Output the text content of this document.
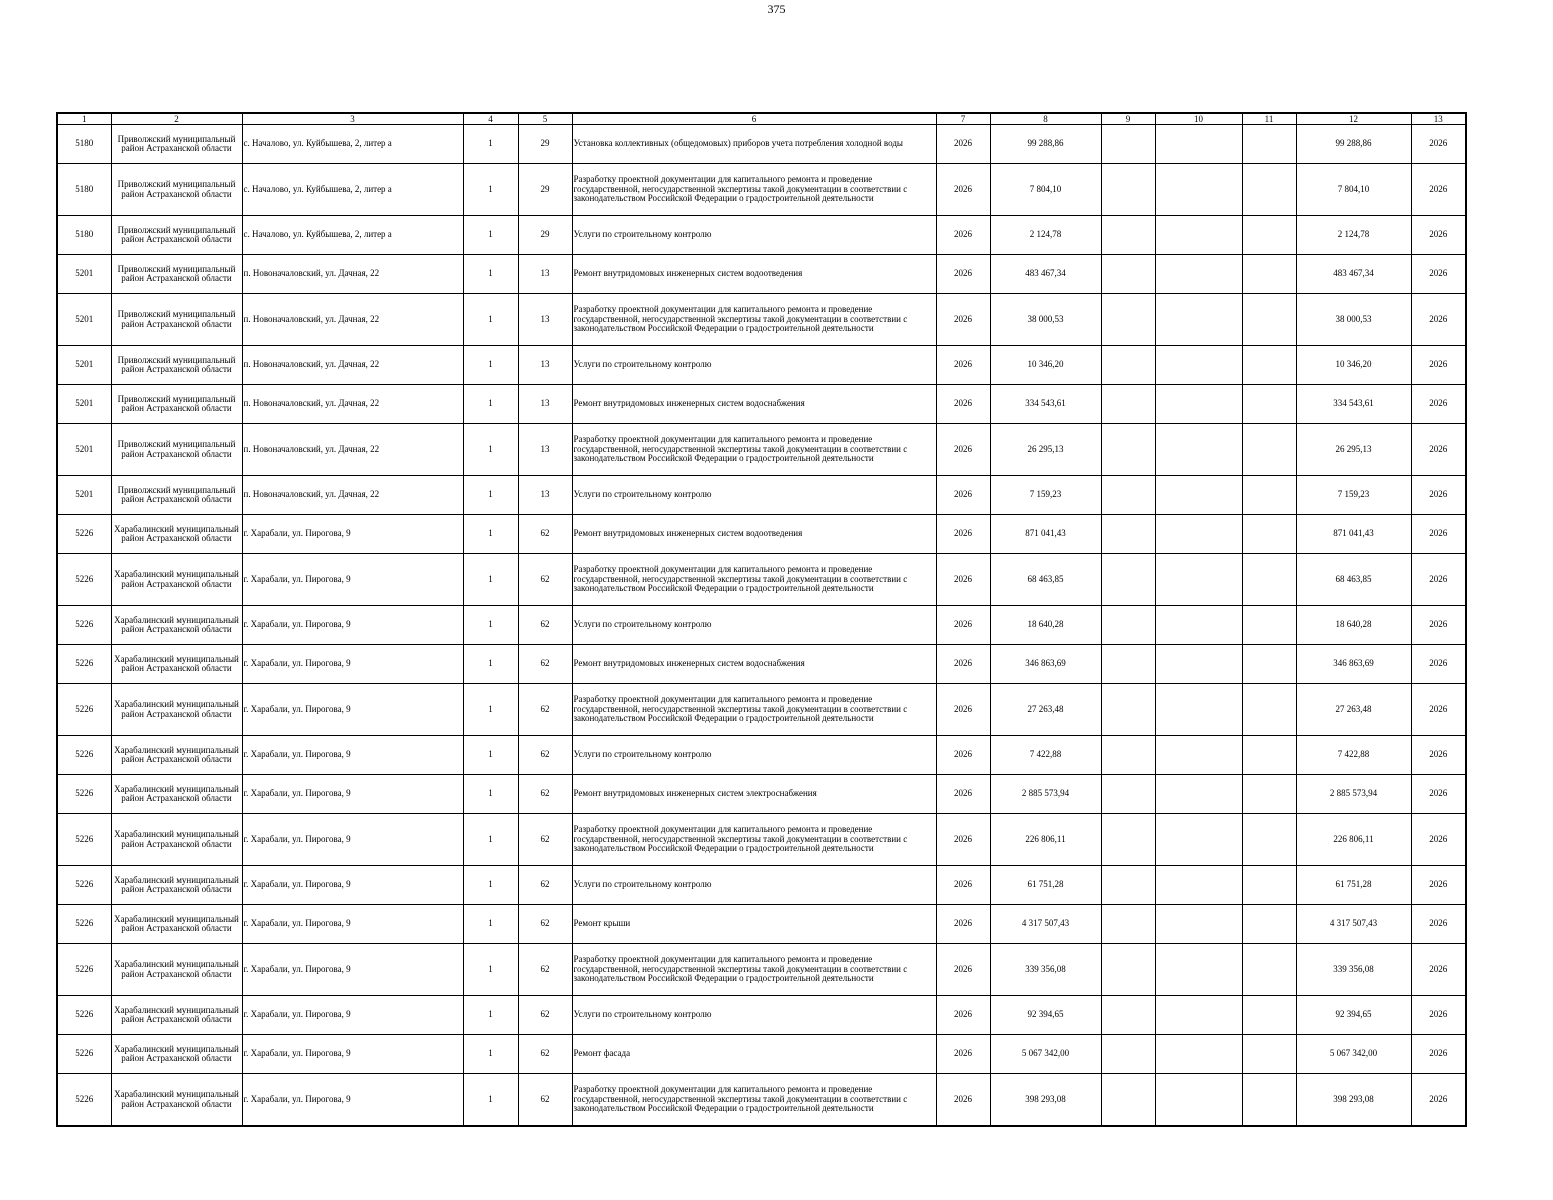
375
1	2	3	4	5	6	7	8	9	10	11	12	13
5180	Приволжский муниципальный район Астраханской области	с. Началово, ул. Куйбышева, 2, литер а	1	29	Установка коллективных (общедомовых) приборов учета потребления холодной воды	2026	99 288,86				99 288,86	2026
5180	Приволжский муниципальный район Астраханской области	с. Началово, ул. Куйбышева, 2, литер а	1	29	Разработку проектной документации для капитального ремонта и проведение государственной, негосударственной экспертизы такой документации в соответствии с законодательством Российской Федерации о градостроительной деятельности	2026	7 804,10				7 804,10	2026
5180	Приволжский муниципальный район Астраханской области	с. Началово, ул. Куйбышева, 2, литер а	1	29	Услуги по строительному контролю	2026	2 124,78				2 124,78	2026
5201	Приволжский муниципальный район Астраханской области	п. Новоначаловский, ул. Дачная, 22	1	13	Ремонт внутридомовых инженерных систем водоотведения	2026	483 467,34				483 467,34	2026
5201	Приволжский муниципальный район Астраханской области	п. Новоначаловский, ул. Дачная, 22	1	13	Разработку проектной документации для капитального ремонта и проведение государственной, негосударственной экспертизы такой документации в соответствии с законодательством Российской Федерации о градостроительной деятельности	2026	38 000,53				38 000,53	2026
5201	Приволжский муниципальный район Астраханской области	п. Новоначаловский, ул. Дачная, 22	1	13	Услуги по строительному контролю	2026	10 346,20				10 346,20	2026
5201	Приволжский муниципальный район Астраханской области	п. Новоначаловский, ул. Дачная, 22	1	13	Ремонт внутридомовых инженерных систем водоснабжения	2026	334 543,61				334 543,61	2026
5201	Приволжский муниципальный район Астраханской области	п. Новоначаловский, ул. Дачная, 22	1	13	Разработку проектной документации для капитального ремонта и проведение государственной, негосударственной экспертизы такой документации в соответствии с законодательством Российской Федерации о градостроительной деятельности	2026	26 295,13				26 295,13	2026
5201	Приволжский муниципальный район Астраханской области	п. Новоначаловский, ул. Дачная, 22	1	13	Услуги по строительному контролю	2026	7 159,23				7 159,23	2026
5226	Харабалинский муниципальный район Астраханской области	г. Харабали, ул. Пирогова, 9	1	62	Ремонт внутридомовых инженерных систем водоотведения	2026	871 041,43				871 041,43	2026
5226	Харабалинский муниципальный район Астраханской области	г. Харабали, ул. Пирогова, 9	1	62	Разработку проектной документации для капитального ремонта и проведение государственной, негосударственной экспертизы такой документации в соответствии с законодательством Российской Федерации о градостроительной деятельности	2026	68 463,85				68 463,85	2026
5226	Харабалинский муниципальный район Астраханской области	г. Харабали, ул. Пирогова, 9	1	62	Услуги по строительному контролю	2026	18 640,28				18 640,28	2026
5226	Харабалинский муниципальный район Астраханской области	г. Харабали, ул. Пирогова, 9	1	62	Ремонт внутридомовых инженерных систем водоснабжения	2026	346 863,69				346 863,69	2026
5226	Харабалинский муниципальный район Астраханской области	г. Харабали, ул. Пирогова, 9	1	62	Разработку проектной документации для капитального ремонта и проведение государственной, негосударственной экспертизы такой документации в соответствии с законодательством Российской Федерации о градостроительной деятельности	2026	27 263,48				27 263,48	2026
5226	Харабалинский муниципальный район Астраханской области	г. Харабали, ул. Пирогова, 9	1	62	Услуги по строительному контролю	2026	7 422,88				7 422,88	2026
5226	Харабалинский муниципальный район Астраханской области	г. Харабали, ул. Пирогова, 9	1	62	Ремонт внутридомовых инженерных систем электроснабжения	2026	2 885 573,94				2 885 573,94	2026
5226	Харабалинский муниципальный район Астраханской области	г. Харабали, ул. Пирогова, 9	1	62	Разработку проектной документации для капитального ремонта и проведение государственной, негосударственной экспертизы такой документации в соответствии с законодательством Российской Федерации о градостроительной деятельности	2026	226 806,11				226 806,11	2026
5226	Харабалинский муниципальный район Астраханской области	г. Харабали, ул. Пирогова, 9	1	62	Услуги по строительному контролю	2026	61 751,28				61 751,28	2026
5226	Харабалинский муниципальный район Астраханской области	г. Харабали, ул. Пирогова, 9	1	62	Ремонт крыши	2026	4 317 507,43				4 317 507,43	2026
5226	Харабалинский муниципальный район Астраханской области	г. Харабали, ул. Пирогова, 9	1	62	Разработку проектной документации для капитального ремонта и проведение государственной, негосударственной экспертизы такой документации в соответствии с законодательством Российской Федерации о градостроительной деятельности	2026	339 356,08				339 356,08	2026
5226	Харабалинский муниципальный район Астраханской области	г. Харабали, ул. Пирогова, 9	1	62	Услуги по строительному контролю	2026	92 394,65				92 394,65	2026
5226	Харабалинский муниципальный район Астраханской области	г. Харабали, ул. Пирогова, 9	1	62	Ремонт фасада	2026	5 067 342,00				5 067 342,00	2026
5226	Харабалинский муниципальный район Астраханской области	г. Харабали, ул. Пирогова, 9	1	62	Разработку проектной документации для капитального ремонта и проведение государственной, негосударственной экспертизы такой документации в соответствии с законодательством Российской Федерации о градостроительной деятельности	2026	398 293,08				398 293,08	2026
